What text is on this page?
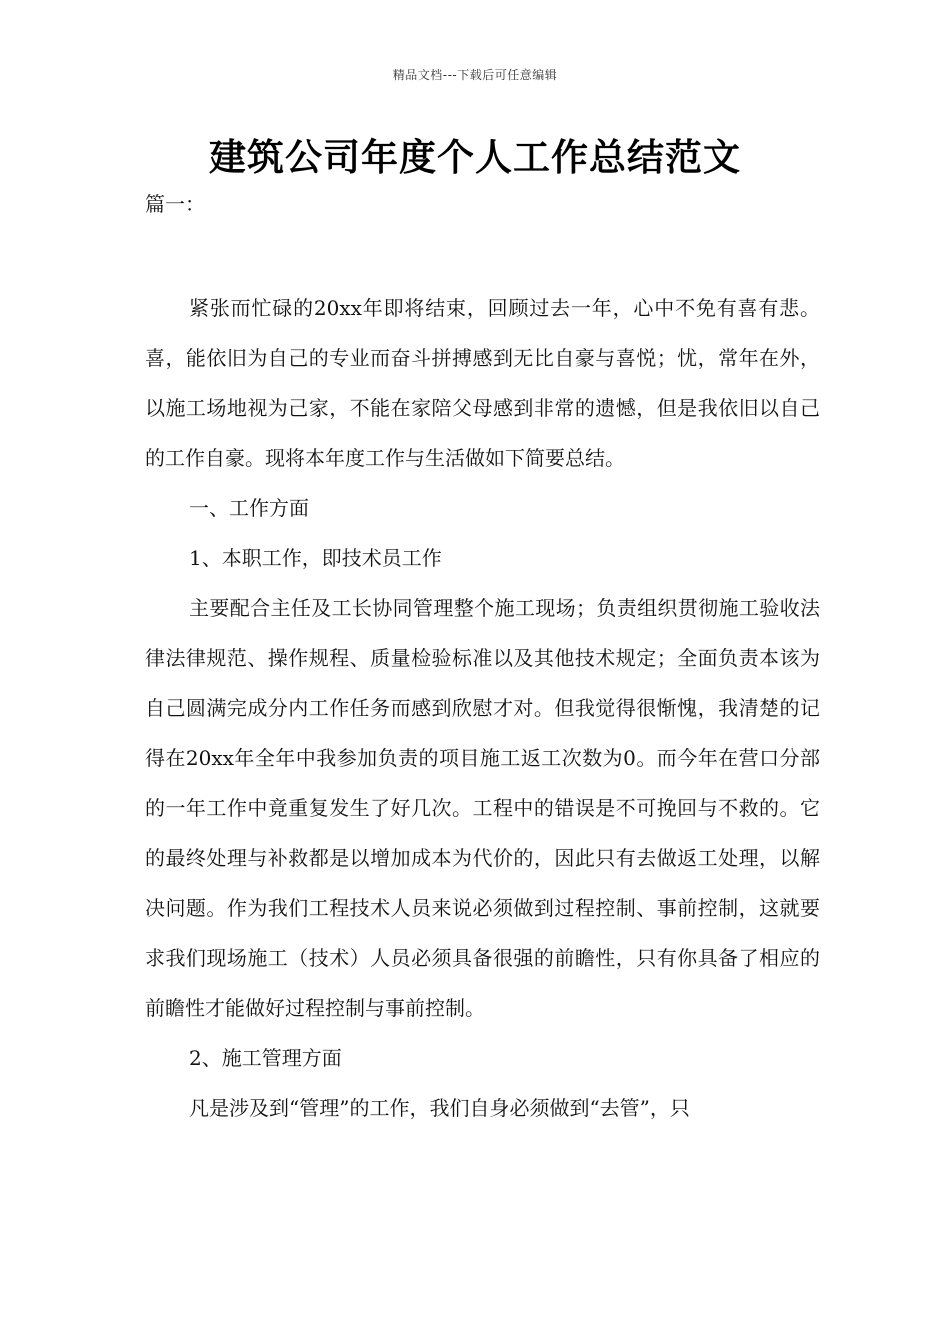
精品文档---下载后可任意编辑
建筑公司年度个人工作总结范文
篇一：

紧张而忙碌的20xx年即将结束，回顾过去一年，心中不免有喜有悲。喜，能依旧为自己的专业而奋斗拼搏感到无比自豪与喜悦；忧，常年在外，以施工场地视为己家，不能在家陪父母感到非常的遗憾，但是我依旧以自己的工作自豪。现将本年度工作与生活做如下简要总结。

一、工作方面

1、本职工作，即技术员工作

主要配合主任及工长协同管理整个施工现场；负责组织贯彻施工验收法律法律规范、操作规程、质量检验标准以及其他技术规定；全面负责本该为自己圆满完成分内工作任务而感到欣慰才对。但我觉得很惭愧，我清楚的记得在20xx年全年中我参加负责的项目施工返工次数为0。而今年在营口分部的一年工作中竟重复发生了好几次。工程中的错误是不可挽回与不救的。它的最终处理与补救都是以增加成本为代价的，因此只有去做返工处理，以解决问题。作为我们工程技术人员来说必须做到过程控制、事前控制，这就要求我们现场施工（技术）人员必须具备很强的前瞻性，只有你具备了相应的前瞻性才能做好过程控制与事前控制。

2、施工管理方面

凡是涉及到“管理”的工作，我们自身必须做到“去管”，只
